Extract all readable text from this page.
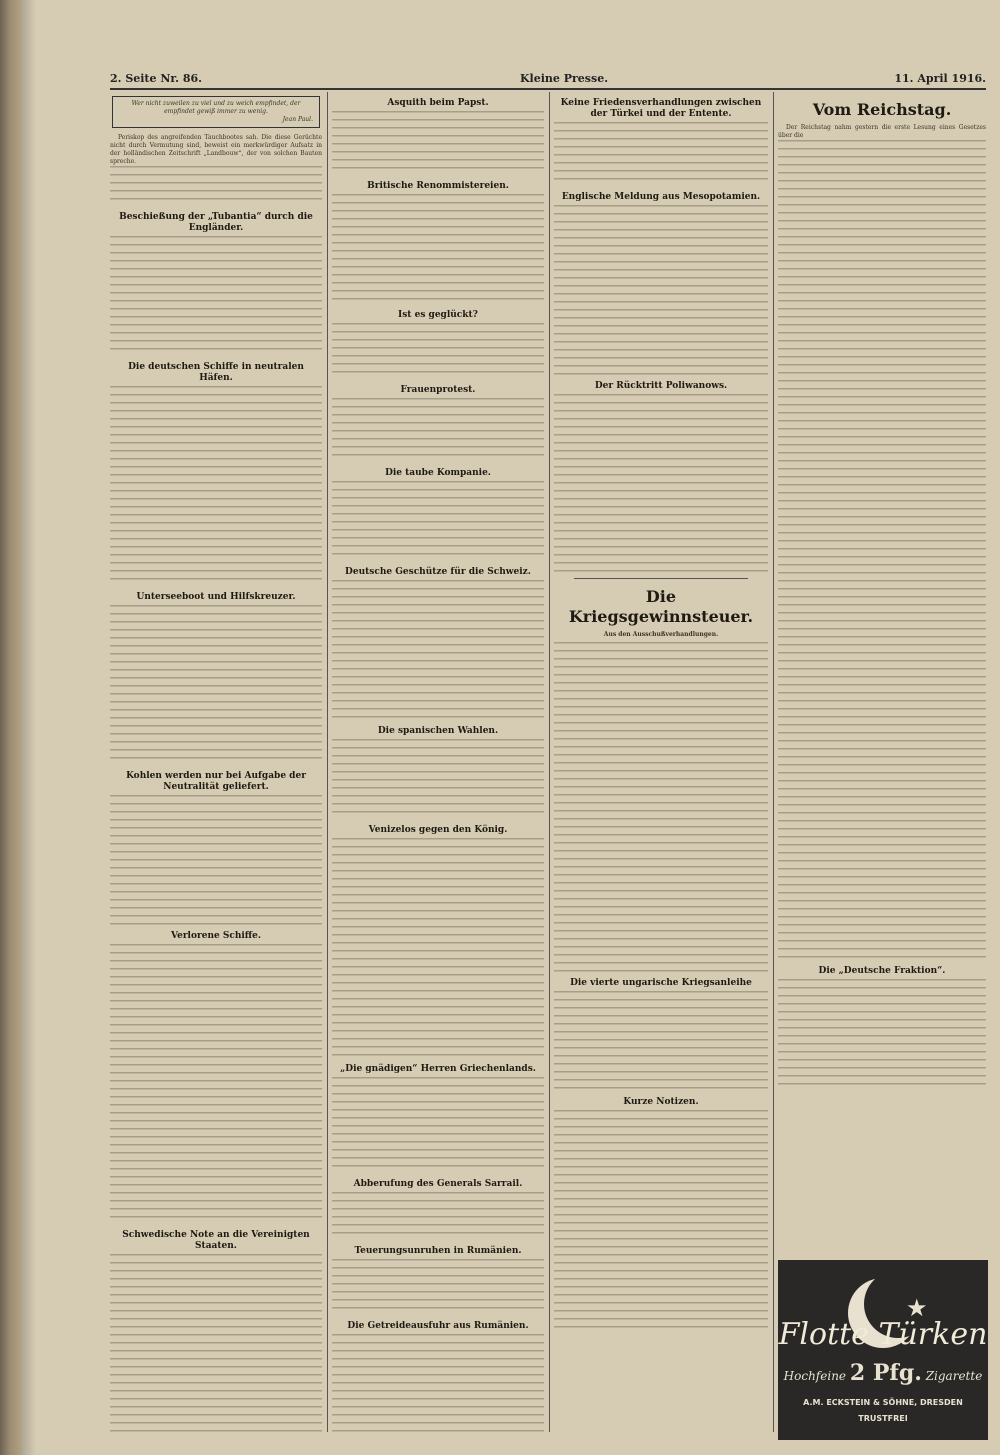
2. Seite Nr. 86.	Kleine Presse.	11. April 1916.
Wer nicht zuweilen zu viel und zu weich empfindet, der empfindet gewiß immer zu wenig.
Jean Paul.

Periskop des angreifenden Tauchbootes sah. Die diese Gerüchte nicht durch Vermutung sind, beweist ein merkwürdiger Aufsatz in der holländischen Zeitschrift „Landbouw“, der von solchen Bauten spreche.

Beschießung der „Tubantia“ durch die Engländer.
Die deutschen Schiffe in neutralen Häfen.
Unterseeboot und Hilfskreuzer.
Kohlen werden nur bei Aufgabe der Neutralität geliefert.
Verlorene Schiffe.
Schwedische Note an die Vereinigten Staaten.
Asquith beim Papst.
Britische Renommistereien.
Ist es geglückt?
Frauenprotest.
Die taube Kompanie.
Deutsche Geschütze für die Schweiz.
Die spanischen Wahlen.
Venizelos gegen den König.
„Die gnädigen“ Herren Griechenlands.
Abberufung des Generals Sarrail.
Teuerungsunruhen in Rumänien.
Die Getreideausfuhr aus Rumänien.
Keine Friedensverhandlungen zwischen der Türkei und der Entente.
Englische Meldung aus Mesopotamien.
Der Rücktritt Poliwanows.
Die Kriegsgewinnsteuer.
Aus den Ausschußverhandlungen.
Die vierte ungarische Kriegsanleihe
Kurze Notizen.
Vom Reichstag.

Der Reichstag nahm gestern die erste Lesung eines Gesetzes über die

Die „Deutsche Fraktion“.
★
Flotte Türken
Hochfeine 2 Pfg. Zigarette
A.M. ECKSTEIN & SÖHNE, DRESDEN
TRUSTFREI
